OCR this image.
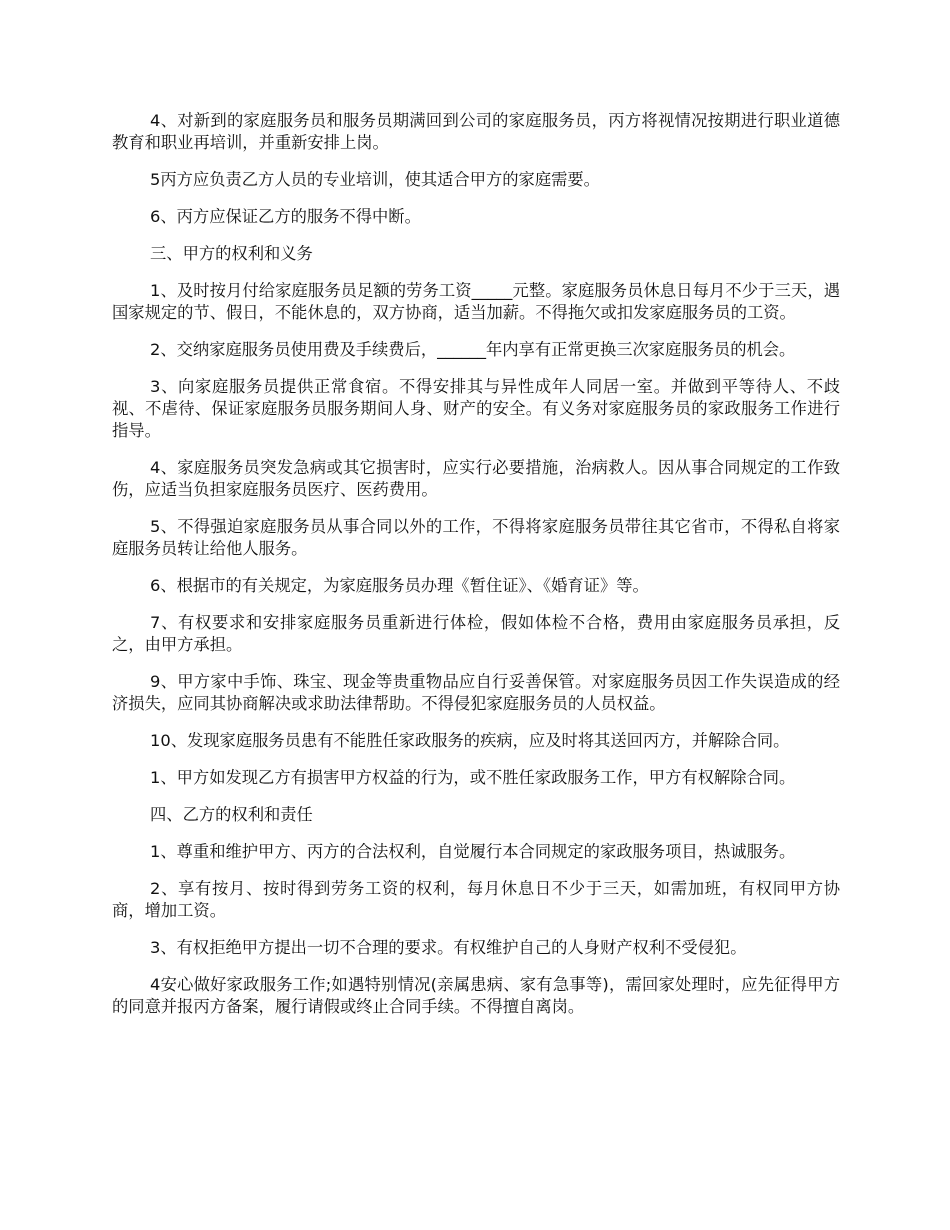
4、对新到的家庭服务员和服务员期满回到公司的家庭服务员，丙方将视情况按期进行职业道德教育和职业再培训，并重新安排上岗。

5丙方应负责乙方人员的专业培训，使其适合甲方的家庭需要。

6、丙方应保证乙方的服务不得中断。

三、甲方的权利和义务

1、及时按月付给家庭服务员足额的劳务工资_____元整。家庭服务员休息日每月不少于三天，遇国家规定的节、假日，不能休息的，双方协商，适当加薪。不得拖欠或扣发家庭服务员的工资。

2、交纳家庭服务员使用费及手续费后，______年内享有正常更换三次家庭服务员的机会。

3、向家庭服务员提供正常食宿。不得安排其与异性成年人同居一室。并做到平等待人、不歧视、不虐待、保证家庭服务员服务期间人身、财产的安全。有义务对家庭服务员的家政服务工作进行指导。

4、家庭服务员突发急病或其它损害时，应实行必要措施，治病救人。因从事合同规定的工作致伤，应适当负担家庭服务员医疗、医药费用。

5、不得强迫家庭服务员从事合同以外的工作，不得将家庭服务员带往其它省市，不得私自将家庭服务员转让给他人服务。

6、根据市的有关规定，为家庭服务员办理《暂住证》、《婚育证》等。

7、有权要求和安排家庭服务员重新进行体检，假如体检不合格，费用由家庭服务员承担，反之，由甲方承担。

9、甲方家中手饰、珠宝、现金等贵重物品应自行妥善保管。对家庭服务员因工作失误造成的经济损失，应同其协商解决或求助法律帮助。不得侵犯家庭服务员的人员权益。

10、发现家庭服务员患有不能胜任家政服务的疾病，应及时将其送回丙方，并解除合同。

1、甲方如发现乙方有损害甲方权益的行为，或不胜任家政服务工作，甲方有权解除合同。

四、乙方的权利和责任

1、尊重和维护甲方、丙方的合法权利，自觉履行本合同规定的家政服务项目，热诚服务。

2、享有按月、按时得到劳务工资的权利，每月休息日不少于三天，如需加班，有权同甲方协商，增加工资。

3、有权拒绝甲方提出一切不合理的要求。有权维护自己的人身财产权利不受侵犯。

4安心做好家政服务工作;如遇特别情况(亲属患病、家有急事等)，需回家处理时，应先征得甲方的同意并报丙方备案，履行请假或终止合同手续。不得擅自离岗。
